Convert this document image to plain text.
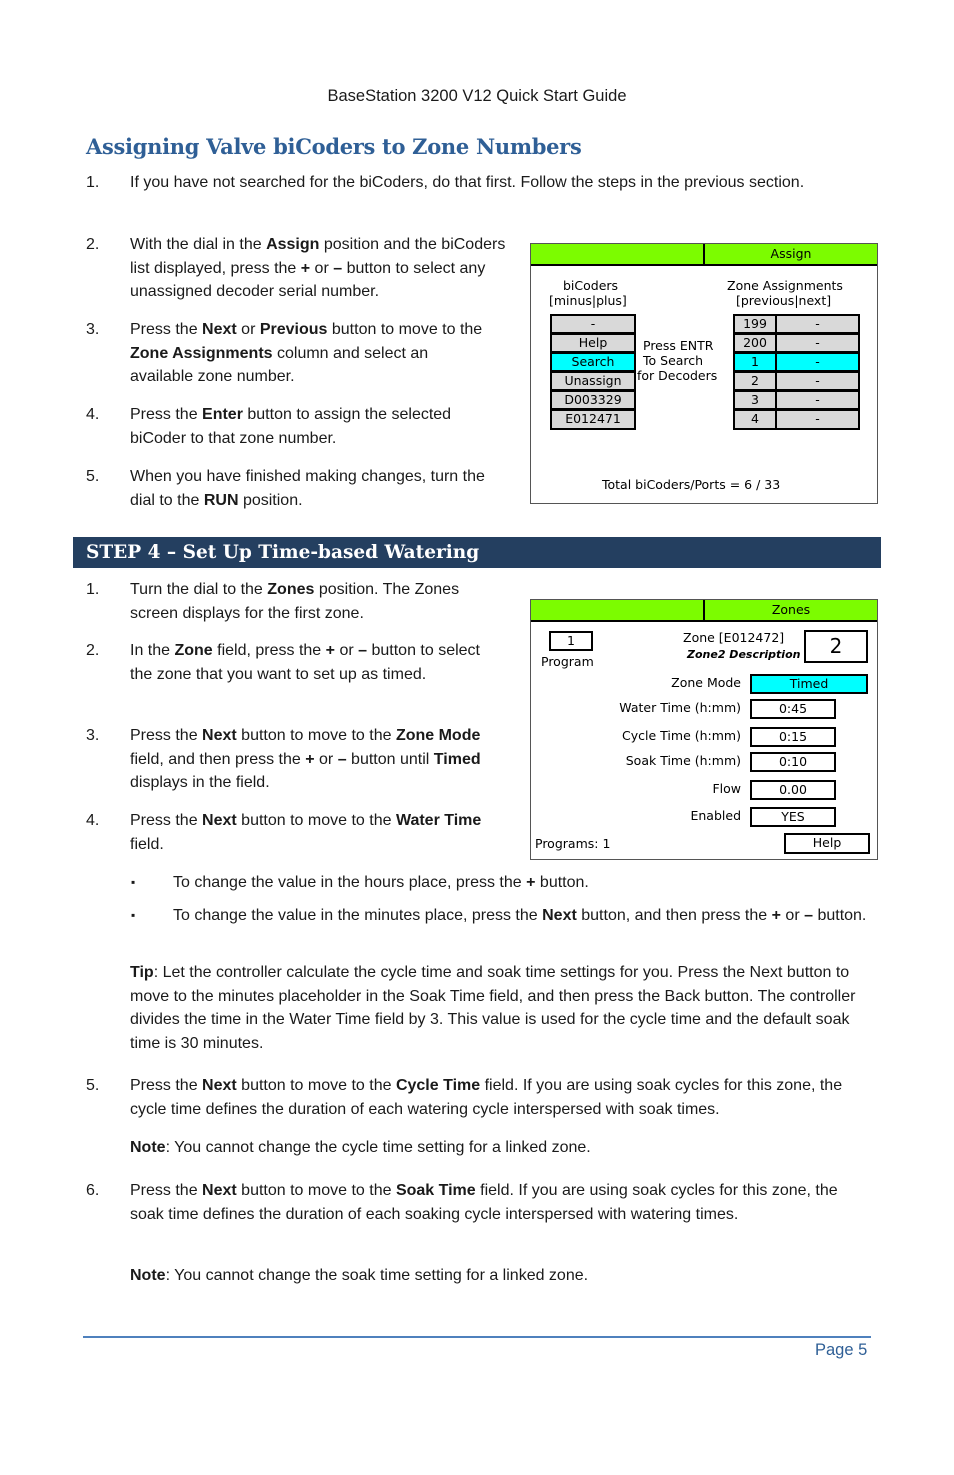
BaseStation 3200 V12 Quick Start Guide
Assigning Valve biCoders to Zone Numbers
1. If you have not searched for the biCoders, do that first. Follow the steps in the previous section.
2. With the dial in the Assign position and the biCoders list displayed, press the + or – button to select any unassigned decoder serial number.
3. Press the Next or Previous button to move to the Zone Assignments column and select an available zone number.
4. Press the Enter button to assign the selected biCoder to that zone number.
5. When you have finished making changes, turn the dial to the RUN position.
Assign
biCoders
[minus|plus]
Zone Assignments
[previous|next]
-
Help
Search
Unassign
D003329
E012471
Press ENTR
To Search
for Decoders
199	-
200	-
1	-
2	-
3	-
4	-
Total biCoders/Ports = 6 / 33
STEP 4 – Set Up Time-based Watering
1. Turn the dial to the Zones position. The Zones screen displays for the first zone.
2. In the Zone field, press the + or – button to select the zone that you want to set up as timed.
3. Press the Next button to move to the Zone Mode field, and then press the + or – button until Timed displays in the field.
4. Press the Next button to move to the Water Time field.
▪ To change the value in the hours place, press the + button.
▪ To change the value in the minutes place, press the Next button, and then press the + or – button.
Tip: Let the controller calculate the cycle time and soak time settings for you. Press the Next button to move to the minutes placeholder in the Soak Time field, and then press the Back button. The controller divides the time in the Water Time field by 3. This value is used for the cycle time and the default soak time is 30 minutes.
5. Press the Next button to move to the Cycle Time field. If you are using soak cycles for this zone, the cycle time defines the duration of each watering cycle interspersed with soak times.
Note: You cannot change the cycle time setting for a linked zone.
6. Press the Next button to move to the Soak Time field. If you are using soak cycles for this zone, the soak time defines the duration of each soaking cycle interspersed with watering times.
Note: You cannot change the soak time setting for a linked zone.
Zones
1
Program
Zone [E012472]
Zone2 Description	2
Zone Mode	Timed
Water Time (h:mm)	0:45
Cycle Time (h:mm)	0:15
Soak Time (h:mm)	0:10
Flow	0.00
Enabled	YES
Programs: 1	Help
Page 5
